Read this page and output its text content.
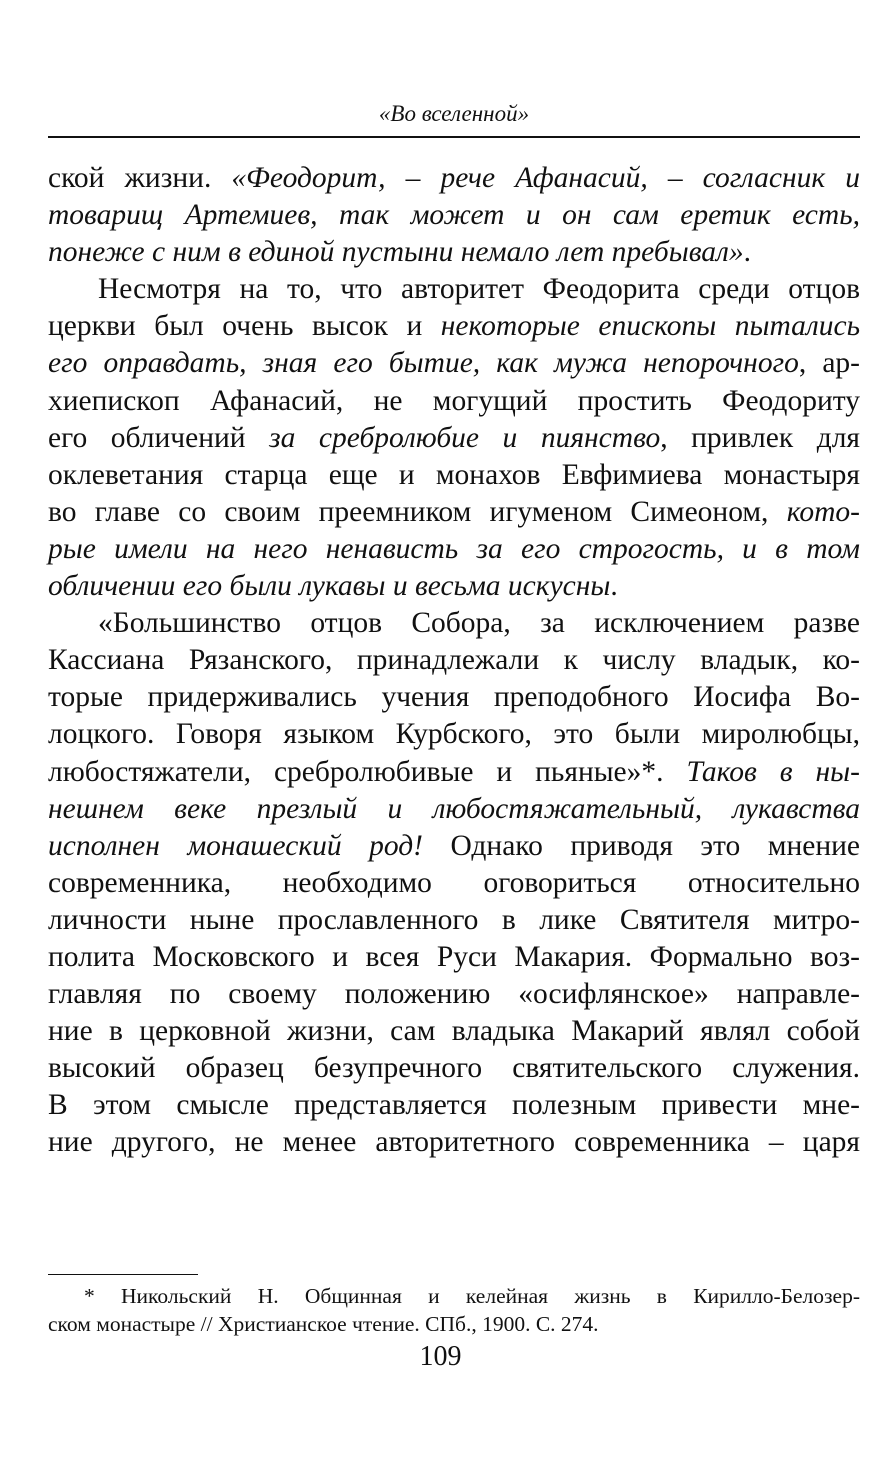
«Во вселенной»
ской жизни. «Феодорит, – рече Афанасий, – согласник и
товарищ Артемиев, так может и он сам еретик есть,
понеже с ним в единой пустыни немало лет пребывал».
Несмотря на то, что авторитет Феодорита среди отцов
церкви был очень высок и некоторые епископы пытались
его оправдать, зная его бытие, как мужа непорочного, ар-
хиепископ Афанасий, не могущий простить Феодориту
его обличений за сребролюбие и пиянство, привлек для
оклеветания старца еще и монахов Евфимиева монастыря
во главе со своим преемником игуменом Симеоном, кото-
рые имели на него ненависть за его строгость, и в том
обличении его были лукавы и весьма искусны.
«Большинство отцов Собора, за исключением разве
Кассиана Рязанского, принадлежали к числу владык, ко-
торые придерживались учения преподобного Иосифа Во-
лоцкого. Говоря языком Курбского, это были миролюбцы,
любостяжатели, сребролюбивые и пьяные»*. Таков в ны-
нешнем веке презлый и любостяжательный, лукавства
исполнен монашеский род! Однако приводя это мнение
современника, необходимо оговориться относительно
личности ныне прославленного в лике Святителя митро-
полита Московского и всея Руси Макария. Формально воз-
главляя по своему положению «осифлянское» направле-
ние в церковной жизни, сам владыка Макарий являл собой
высокий образец безупречного святительского служения.
В этом смысле представляется полезным привести мне-
ние другого, не менее авторитетного современника – царя
* Никольский Н. Общинная и келейная жизнь в Кирилло-Белозер-
ском монастыре // Христианское чтение. СПб., 1900. С. 274.
109
